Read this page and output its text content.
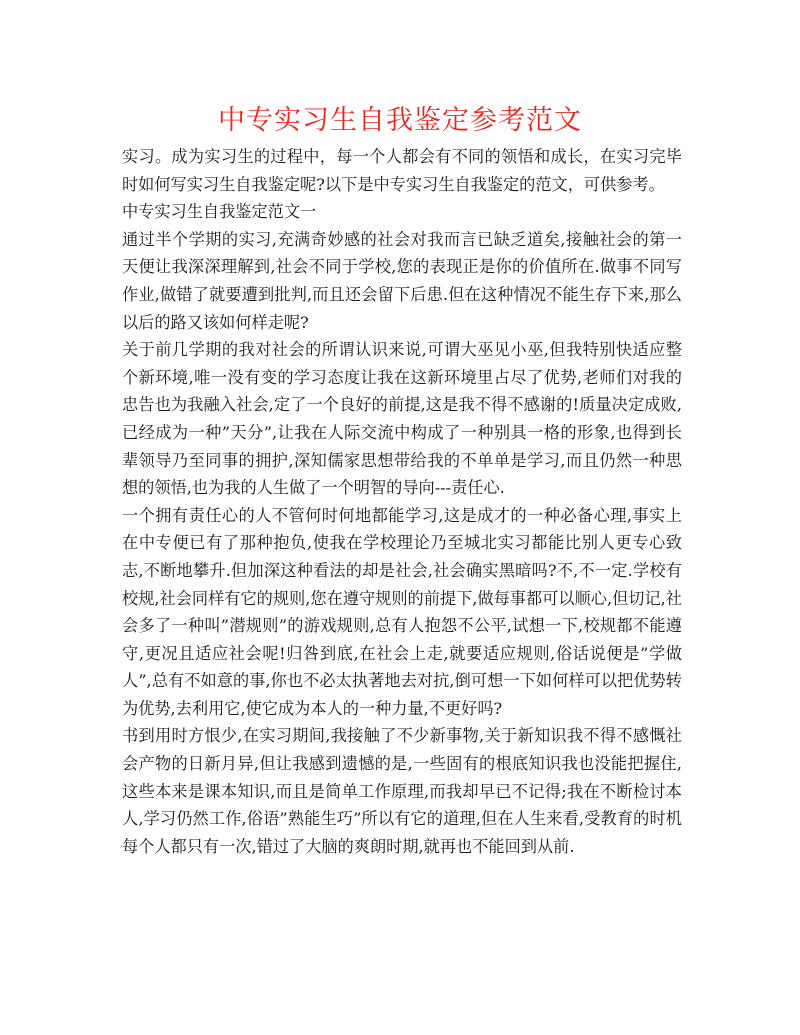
中专实习生自我鉴定参考范文

实习。成为实习生的过程中，每一个人都会有不同的领悟和成长，在实习完毕时如何写实习生自我鉴定呢?以下是中专实习生自我鉴定的范文，可供参考。

中专实习生自我鉴定范文一

通过半个学期的实习,充满奇妙感的社会对我而言已缺乏道矣,接触社会的第一天便让我深深理解到,社会不同于学校,您的表现正是你的价值所在.做事不同写作业,做错了就要遭到批判,而且还会留下后患.但在这种情况不能生存下来,那么以后的路又该如何样走呢?

关于前几学期的我对社会的所谓认识来说,可谓大巫见小巫,但我特别快适应整个新环境,唯一没有变的学习态度让我在这新环境里占尽了优势,老师们对我的忠告也为我融入社会,定了一个良好的前提,这是我不得不感谢的!质量决定成败,已经成为一种”天分”,让我在人际交流中构成了一种别具一格的形象,也得到长辈领导乃至同事的拥护,深知儒家思想带给我的不单单是学习,而且仍然一种思想的领悟,也为我的人生做了一个明智的导向---责任心.

一个拥有责任心的人不管何时何地都能学习,这是成才的一种必备心理,事实上在中专便已有了那种抱负,使我在学校理论乃至城北实习都能比别人更专心致志,不断地攀升.但加深这种看法的却是社会,社会确实黑暗吗?不,不一定.学校有校规,社会同样有它的规则,您在遵守规则的前提下,做每事都可以顺心,但切记,社会多了一种叫”潜规则”的游戏规则,总有人抱怨不公平,试想一下,校规都不能遵守,更况且适应社会呢!归咎到底,在社会上走,就要适应规则,俗话说便是”学做人”,总有不如意的事,你也不必太执著地去对抗,倒可想一下如何样可以把优势转为优势,去利用它,使它成为本人的一种力量,不更好吗?

书到用时方恨少,在实习期间,我接触了不少新事物,关于新知识我不得不感慨社会产物的日新月异,但让我感到遗憾的是,一些固有的根底知识我也没能把握住,这些本来是课本知识,而且是简单工作原理,而我却早已不记得;我在不断检讨本人,学习仍然工作,俗语”熟能生巧”所以有它的道理,但在人生来看,受教育的时机每个人都只有一次,错过了大脑的爽朗时期,就再也不能回到从前.
